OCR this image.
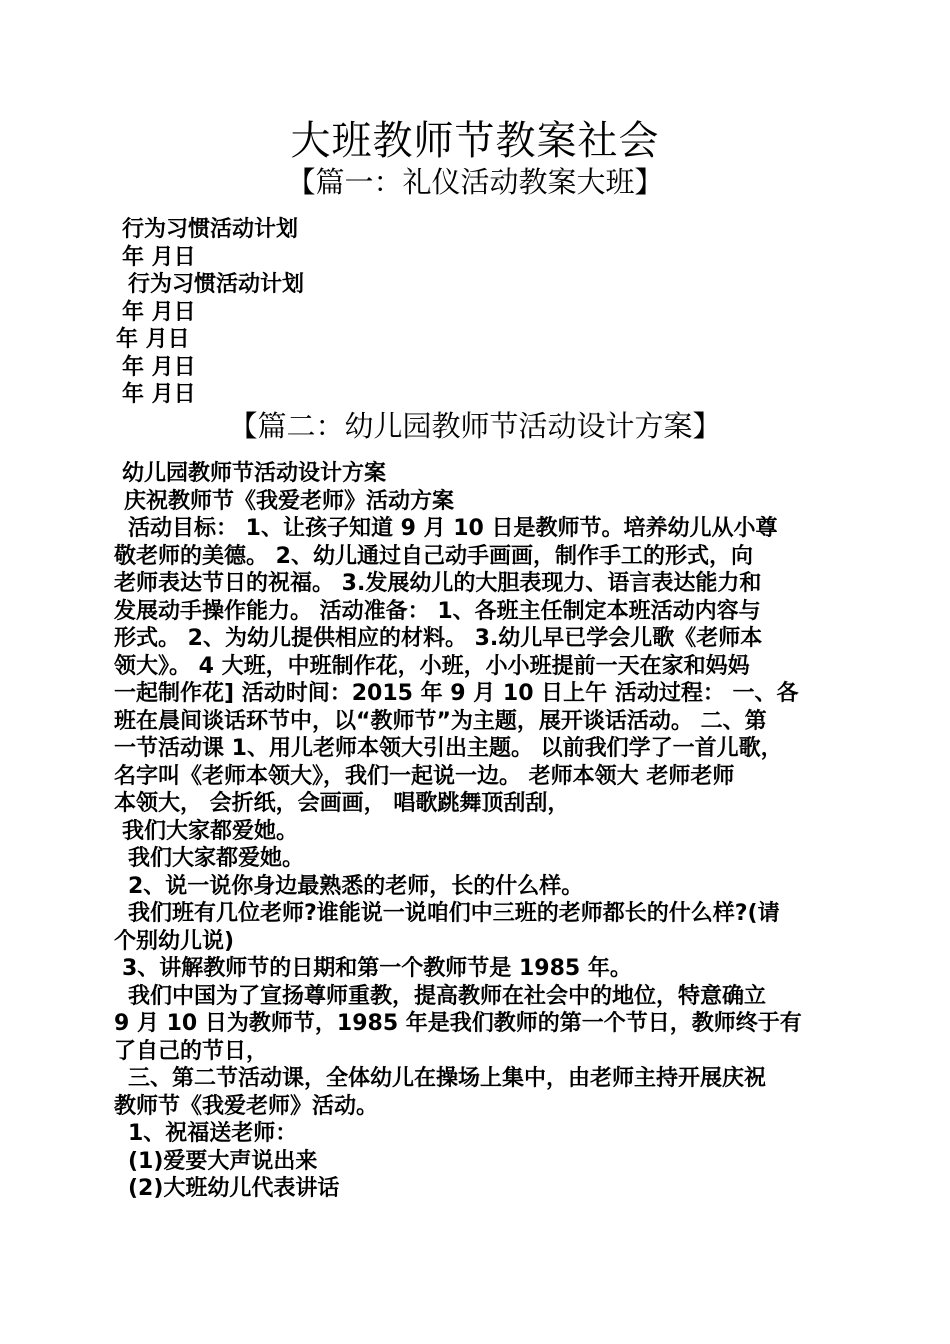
大班教师节教案社会
【篇一：礼仪活动教案大班】
行为习惯活动计划
年 月日
行为习惯活动计划
年 月日
年 月日
年 月日
年 月日
【篇二：幼儿园教师节活动设计方案】
幼儿园教师节活动设计方案
庆祝教师节《我爱老师》活动方案
活动目标： 1、让孩子知道 9 月 10 日是教师节。培养幼儿从小尊
敬老师的美德。 2、幼儿通过自己动手画画，制作手工的形式，向
老师表达节日的祝福。 3.发展幼儿的大胆表现力、语言表达能力和
发展动手操作能力。 活动准备： 1、各班主任制定本班活动内容与
形式。 2、为幼儿提供相应的材料。 3.幼儿早已学会儿歌《老师本
领大》。 4 大班，中班制作花，小班，小小班提前一天在家和妈妈
一起制作花] 活动时间：2015 年 9 月 10 日上午 活动过程： 一、各
班在晨间谈话环节中，以“教师节”为主题，展开谈话活动。 二、第
一节活动课 1、用儿老师本领大引出主题。 以前我们学了一首儿歌，
名字叫《老师本领大》，我们一起说一边。 老师本领大 老师老师
本领大， 会折纸，会画画， 唱歌跳舞顶刮刮，
我们大家都爱她。
我们大家都爱她。
2、说一说你身边最熟悉的老师，长的什么样。
我们班有几位老师?谁能说一说咱们中三班的老师都长的什么样?(请
个别幼儿说)
3、讲解教师节的日期和第一个教师节是 1985 年。
我们中国为了宣扬尊师重教，提高教师在社会中的地位，特意确立
9 月 10 日为教师节，1985 年是我们教师的第一个节日，教师终于有
了自己的节日，
三、第二节活动课，全体幼儿在操场上集中，由老师主持开展庆祝
教师节《我爱老师》活动。
1、祝福送老师：
(1)爱要大声说出来
(2)大班幼儿代表讲话
